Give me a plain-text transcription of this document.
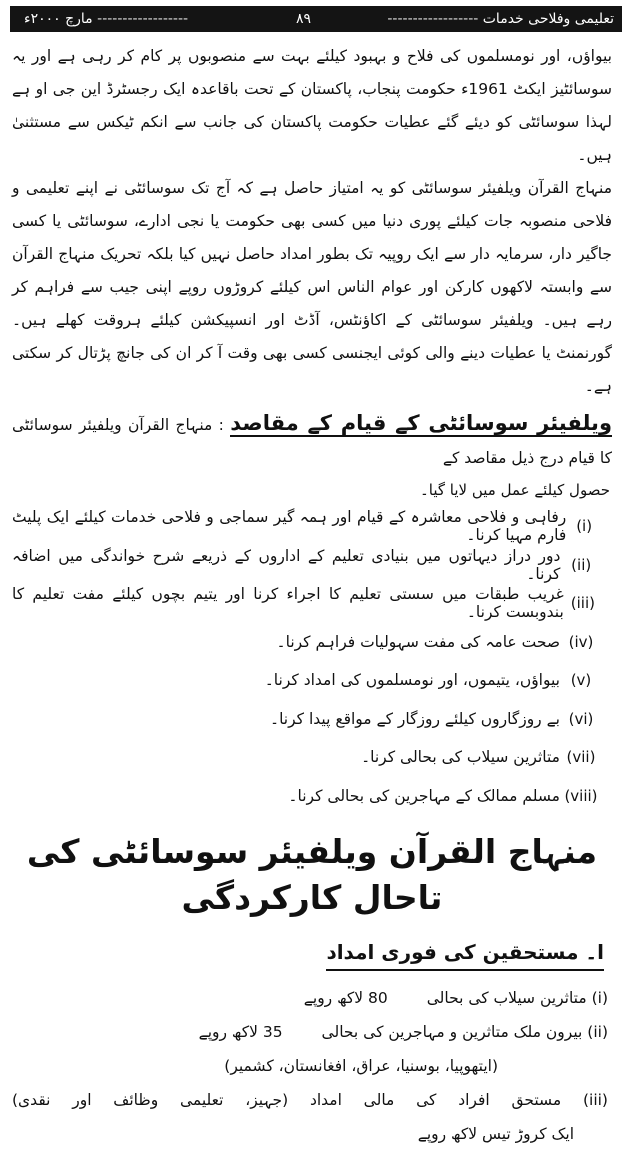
مارچ ۲۰۰۰ء ------------------	۸۹	تعلیمی وفلاحی خدمات ------------------

بیواؤں، اور نومسلموں کی فلاح و بہبود کیلئے بہت سے منصوبوں پر کام کر رہی ہے اور یہ سوسائٹیز ایکٹ 1961ء حکومت پنجاب، پاکستان کے تحت باقاعدہ ایک رجسٹرڈ این جی او ہے لہذا سوسائٹی کو دیئے گئے عطیات حکومت پاکستان کی جانب سے انکم ٹیکس سے مستثنیٰ ہیں۔

منہاج القرآن ویلفیئر سوسائٹی کو یہ امتیاز حاصل ہے کہ آج تک سوسائٹی نے اپنے تعلیمی و فلاحی منصوبہ جات کیلئے پوری دنیا میں کسی بھی حکومت یا نجی ادارے، سوسائٹی یا کسی جاگیر دار، سرمایہ دار سے ایک روپیہ تک بطور امداد حاصل نہیں کیا بلکہ تحریک منہاج القرآن سے وابستہ لاکھوں کارکن اور عوام الناس اس کیلئے کروڑوں روپے اپنی جیب سے فراہم کر رہے ہیں۔ ویلفیئر سوسائٹی کے اکاؤنٹس، آڈٹ اور انسپیکشن کیلئے ہروقت کھلے ہیں۔ گورنمنٹ یا عطیات دینے والی کوئی ایجنسی کسی بھی وقت آ کر ان کی جانچ پڑتال کر سکتی ہے۔

ویلفیئر سوسائٹی کے قیام کے مقاصد : منہاج القرآن ویلفیئر سوسائٹی کا قیام درج ذیل مقاصد کے

حصول کیلئے عمل میں لایا گیا۔

(i)
رفاہی و فلاحی معاشرہ کے قیام اور ہمہ گیر سماجی و فلاحی خدمات کیلئے ایک پلیٹ فارم مہیا کرنا۔
(ii)
دور دراز دیہاتوں میں بنیادی تعلیم کے اداروں کے ذریعے شرح خواندگی میں اضافہ کرنا۔
(iii)
غریب طبقات میں سستی تعلیم کا اجراء کرنا اور یتیم بچوں کیلئے مفت تعلیم کا بندوبست کرنا۔
(iv)
صحت عامہ کی مفت سہولیات فراہم کرنا۔
(v)
بیواؤں، یتیموں، اور نومسلموں کی امداد کرنا۔
(vi)
بے روزگاروں کیلئے روزگار کے مواقع پیدا کرنا۔
(vii)
متاثرین سیلاب کی بحالی کرنا۔
(viii)
مسلم ممالک کے مہاجرین کی بحالی کرنا۔
منہاج القرآن ویلفیئر سوسائٹی کی تاحال کارکردگی
ا۔ مستحقین کی فوری امداد
(i) متاثرین سیلاب کی بحالی 80 لاکھ روپے
(ii) بیرون ملک متاثرین و مہاجرین کی بحالی 35 لاکھ روپے
(ایتھوپیا، بوسنیا، عراق، افغانستان، کشمیر)
(iii) مستحق افراد کی مالی امداد (جہیز، تعلیمی وظائف اور نقدی) ایک کروڑ تیس لاکھ روپے
